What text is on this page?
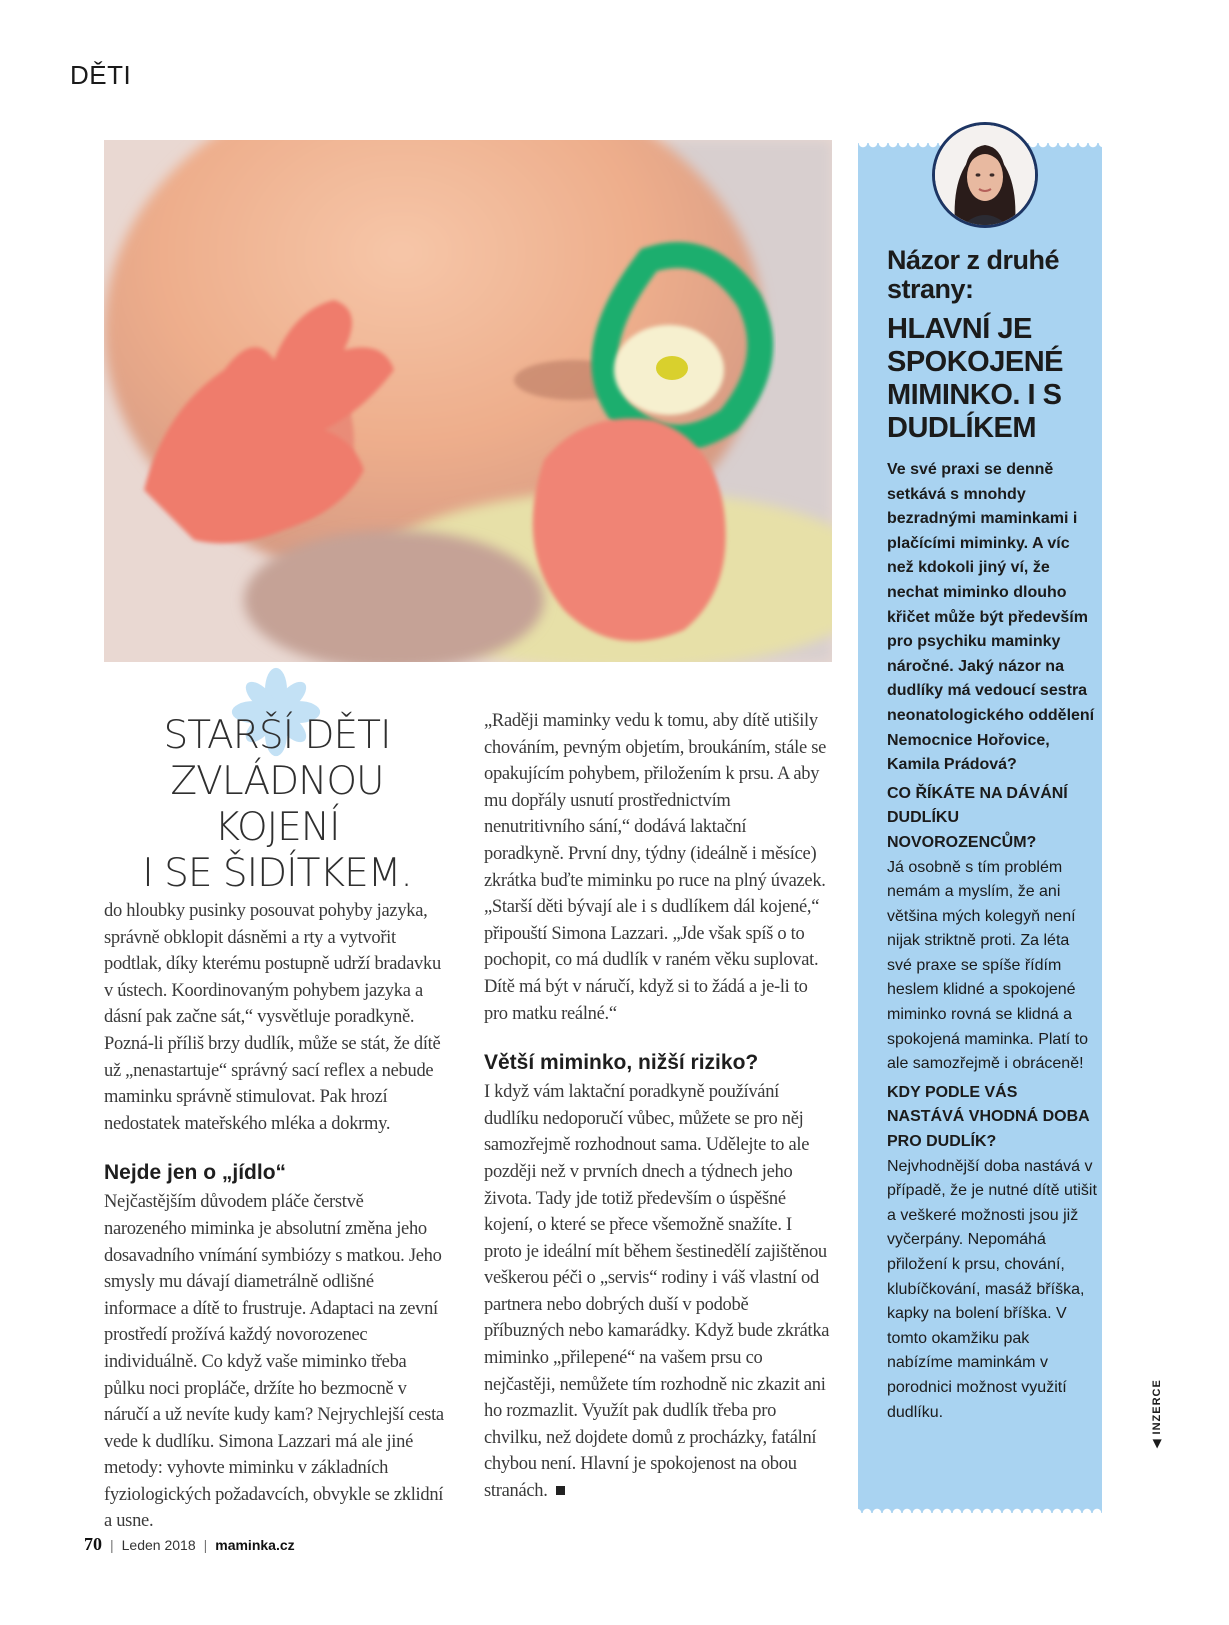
DĚTI
STARŠÍ DĚTI
ZVLÁDNOU KOJENÍ
I SE ŠIDÍTKEM.

do hloubky pusinky posouvat pohyby jazyka, správně obklopit dásněmi a rty a vytvořit podtlak, díky kterému postupně udrží bradavku v ústech. Koordinovaným pohybem jazyka a dásní pak začne sát,“ vysvětluje poradkyně. Pozná-li příliš brzy dudlík, může se stát, že dítě už „nenastartuje“ správný sací reflex a nebude maminku správně stimulovat. Pak hrozí nedostatek mateřského mléka a dokrmy.

Nejde jen o „jídlo“

Nejčastějším důvodem pláče čerstvě narozeného miminka je absolutní změna jeho dosavadního vnímání symbiózy s matkou. Jeho smysly mu dávají diametrálně odlišné informace a dítě to frustruje. Adaptaci na zevní prostředí prožívá každý novorozenec individuálně. Co když vaše miminko třeba půlku noci propláče, držíte ho bezmocně v náručí a už nevíte kudy kam? Nejrychlejší cesta vede k dudlíku. Simona Lazzari má ale jiné metody: vyhovte miminku v základních fyziologických požadavcích, obvykle se zklidní a usne.

„Raději maminky vedu k tomu, aby dítě utišily chováním, pevným objetím, broukáním, stále se opakujícím pohybem, přiložením k prsu. A aby mu dopřály usnutí prostřednictvím nenutritivního sání,“ dodává laktační poradkyně. První dny, týdny (ideálně i měsíce) zkrátka buďte miminku po ruce na plný úvazek. „Starší děti bývají ale i s dudlíkem dál kojené,“ připouští Simona Lazzari. „Jde však spíš o to pochopit, co má dudlík v raném věku suplovat. Dítě má být v náručí, když si to žádá a je-li to pro matku reálné.“

Větší miminko, nižší riziko?

I když vám laktační poradkyně používání dudlíku nedoporučí vůbec, můžete se pro něj samozřejmě rozhodnout sama. Udělejte to ale později než v prvních dnech a týdnech jeho života. Tady jde totiž především o úspěšné kojení, o které se přece všemožně snažíte. I proto je ideální mít během šestinedělí zajištěnou veškerou péči o „servis“ rodiny i váš vlastní od partnera nebo dobrých duší v podobě příbuzných nebo kamarádky. Když bude zkrátka miminko „přilepené“ na vašem prsu co nejčastěji, nemůžete tím rozhodně nic zkazit ani ho rozmazlit. Využít pak dudlík třeba pro chvilku, než dojdete domů z procházky, fatální chybou není. Hlavní je spokojenost na obou stranách.

Názor z druhé strany:
HLAVNÍ JE SPOKOJENÉ MIMINKO. I S DUDLÍKEM

Ve své praxi se denně setkává s mnohdy bezradnými maminkami i plačícími miminky. A víc než kdokoli jiný ví, že nechat miminko dlouho křičet může být především pro psychiku maminky náročné. Jaký názor na dudlíky má vedoucí sestra neonatologického oddělení Nemocnice Hořovice, Kamila Prádová?

CO ŘÍKÁTE NA DÁVÁNÍ DUDLÍKU NOVOROZENCŮM?

Já osobně s tím problém nemám a myslím, že ani většina mých kolegyň není nijak striktně proti. Za léta své praxe se spíše řídím heslem klidné a spokojené miminko rovná se klidná a spokojená maminka. Platí to ale samozřejmě i obráceně!

KDY PODLE VÁS NASTÁVÁ VHODNÁ DOBA PRO DUDLÍK?

Nejvhodnější doba nastává v případě, že je nutné dítě utišit a veškeré možnosti jsou již vyčerpány. Nepomáhá přiložení k prsu, chování, klubíčkování, masáž bříška, kapky na bolení bříška. V tomto okamžiku pak nabízíme maminkám v porodnici možnost využití dudlíku.

◀ INZERCE
70 | Leden 2018 | maminka.cz
